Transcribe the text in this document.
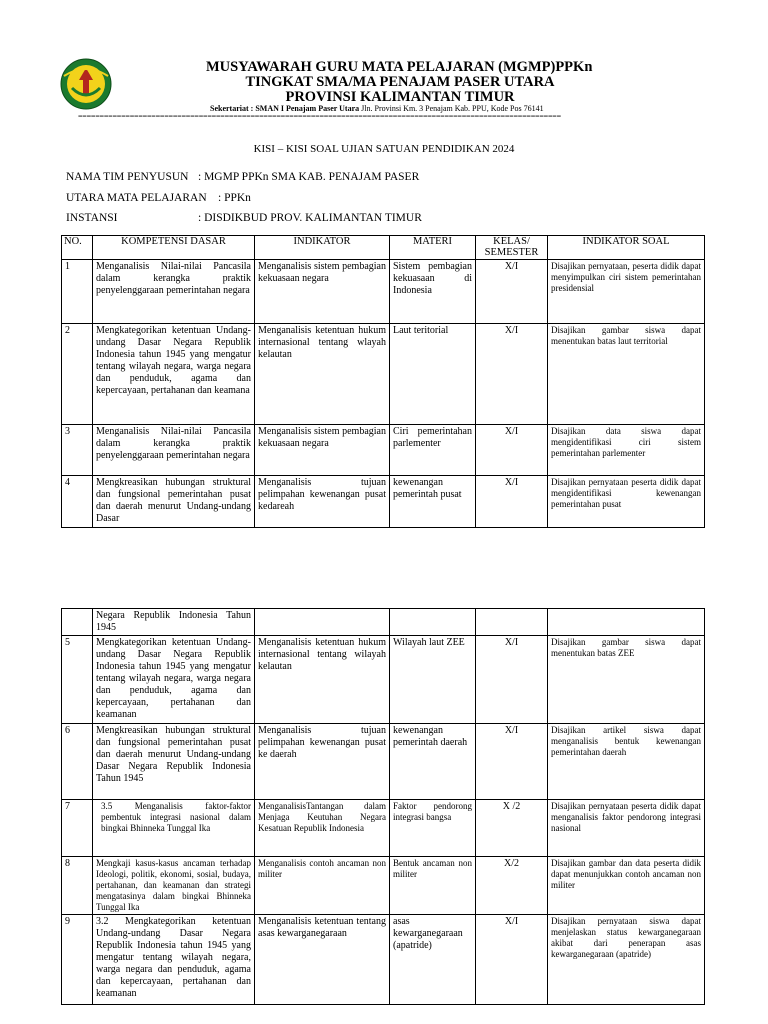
MUSYAWARAH GURU MATA PELAJARAN (MGMP)PPKn
TINGKAT SMA/MA PENAJAM PASER UTARA
PROVINSI KALIMANTAN TIMUR
Sekertariat : SMAN I Penajam Paser Utara Jln. Provinsi Km. 3 Penajam Kab. PPU, Kode Pos 76141
================================================================================================================
KISI – KISI SOAL UJIAN SATUAN PENDIDIKAN 2024
NAMA TIM PENYUSUN : MGMP PPKn SMA KAB. PENAJAM PASER
UTARA MATA PELAJARAN : PPKn
INSTANSI	: DISDIKBUD PROV. KALIMANTAN TIMUR
NO.	KOMPETENSI DASAR	INDIKATOR	MATERI	KELAS/ SEMESTER	INDIKATOR SOAL
1	Menganalisis Nilai-nilai Pancasila dalam kerangka praktik penyelenggaraan pemerintahan negara	Menganalisis sistem pembagian kekuasaan negara	Sistem pembagian kekuasaan di Indonesia	X/I	Disajikan pernyataan, peserta didik dapat menyimpulkan ciri sistem pemerintahan presidensial
2	Mengkategorikan ketentuan Undang-undang Dasar Negara Republik Indonesia tahun 1945 yang mengatur tentang wilayah negara, warga negara dan penduduk, agama dan kepercayaan, pertahanan dan keamana	Menganalisis ketentuan hukum internasional tentang wlayah kelautan	Laut teritorial	X/I	Disajikan gambar siswa dapat menentukan batas laut territorial
3	Menganalisis Nilai-nilai Pancasila dalam kerangka praktik penyelenggaraan pemerintahan negara	Menganalisis sistem pembagian kekuasaan negara	Ciri pemerintahan parlementer	X/I	Disajikan data siswa dapat mengidentifikasi ciri sistem pemerintahan parlementer
4	Mengkreasikan hubungan struktural dan fungsional pemerintahan pusat dan daerah menurut Undang-undang Dasar	Menganalisis tujuan pelimpahan kewenangan pusat kedareah	kewenangan pemerintah pusat	X/I	Disajikan pernyataan peserta didik dapat mengidentifikasi kewenangan pemerintahan pusat
	Negara Republik Indonesia Tahun 1945				
5	Mengkategorikan ketentuan Undang-undang Dasar Negara Republik Indonesia tahun 1945 yang mengatur tentang wilayah negara, warga negara dan penduduk, agama dan kepercayaan, pertahanan dan keamanan	Menganalisis ketentuan hukum internasional tentang wilayah kelautan	Wilayah laut ZEE	X/I	Disajikan gambar siswa dapat menentukan batas ZEE
6	Mengkreasikan hubungan struktural dan fungsional pemerintahan pusat dan daerah menurut Undang-undang Dasar Negara Republik Indonesia Tahun 1945	Menganalisis tujuan pelimpahan kewenangan pusat ke daerah	kewenangan pemerintah daerah	X/I	Disajikan artikel siswa dapat menganalisis bentuk kewenangan pemerintahan daerah
7	3.5 Menganalisis faktor-faktor pembentuk integrasi nasional dalam bingkai Bhinneka Tunggal Ika	MenganalisisTantangan dalam Menjaga Keutuhan Negara Kesatuan Republik Indonesia	Faktor pendorong integrasi bangsa	X /2	Disajikan pernyataan peserta didik dapat menganalisis faktor pendorong integrasi nasional
8	Mengkaji kasus-kasus ancaman terhadap Ideologi, politik, ekonomi, sosial, budaya, pertahanan, dan keamanan dan strategi mengatasinya dalam bingkai Bhinneka Tunggal Ika	Menganalisis contoh ancaman non militer	Bentuk ancaman non militer	X/2	Disajikan gambar dan data peserta didik dapat menunjukkan contoh ancaman non militer
9	3.2 Mengkategorikan ketentuan Undang-undang Dasar Negara Republik Indonesia tahun 1945 yang mengatur tentang wilayah negara, warga negara dan penduduk, agama dan kepercayaan, pertahanan dan keamanan	Menganalisis ketentuan tentang asas kewarganegaraan	asas kewarganegaraan (apatride)	X/I	Disajikan pernyataan siswa dapat menjelaskan status kewarganegaraan akibat dari penerapan asas kewarganegaraan (apatride)
